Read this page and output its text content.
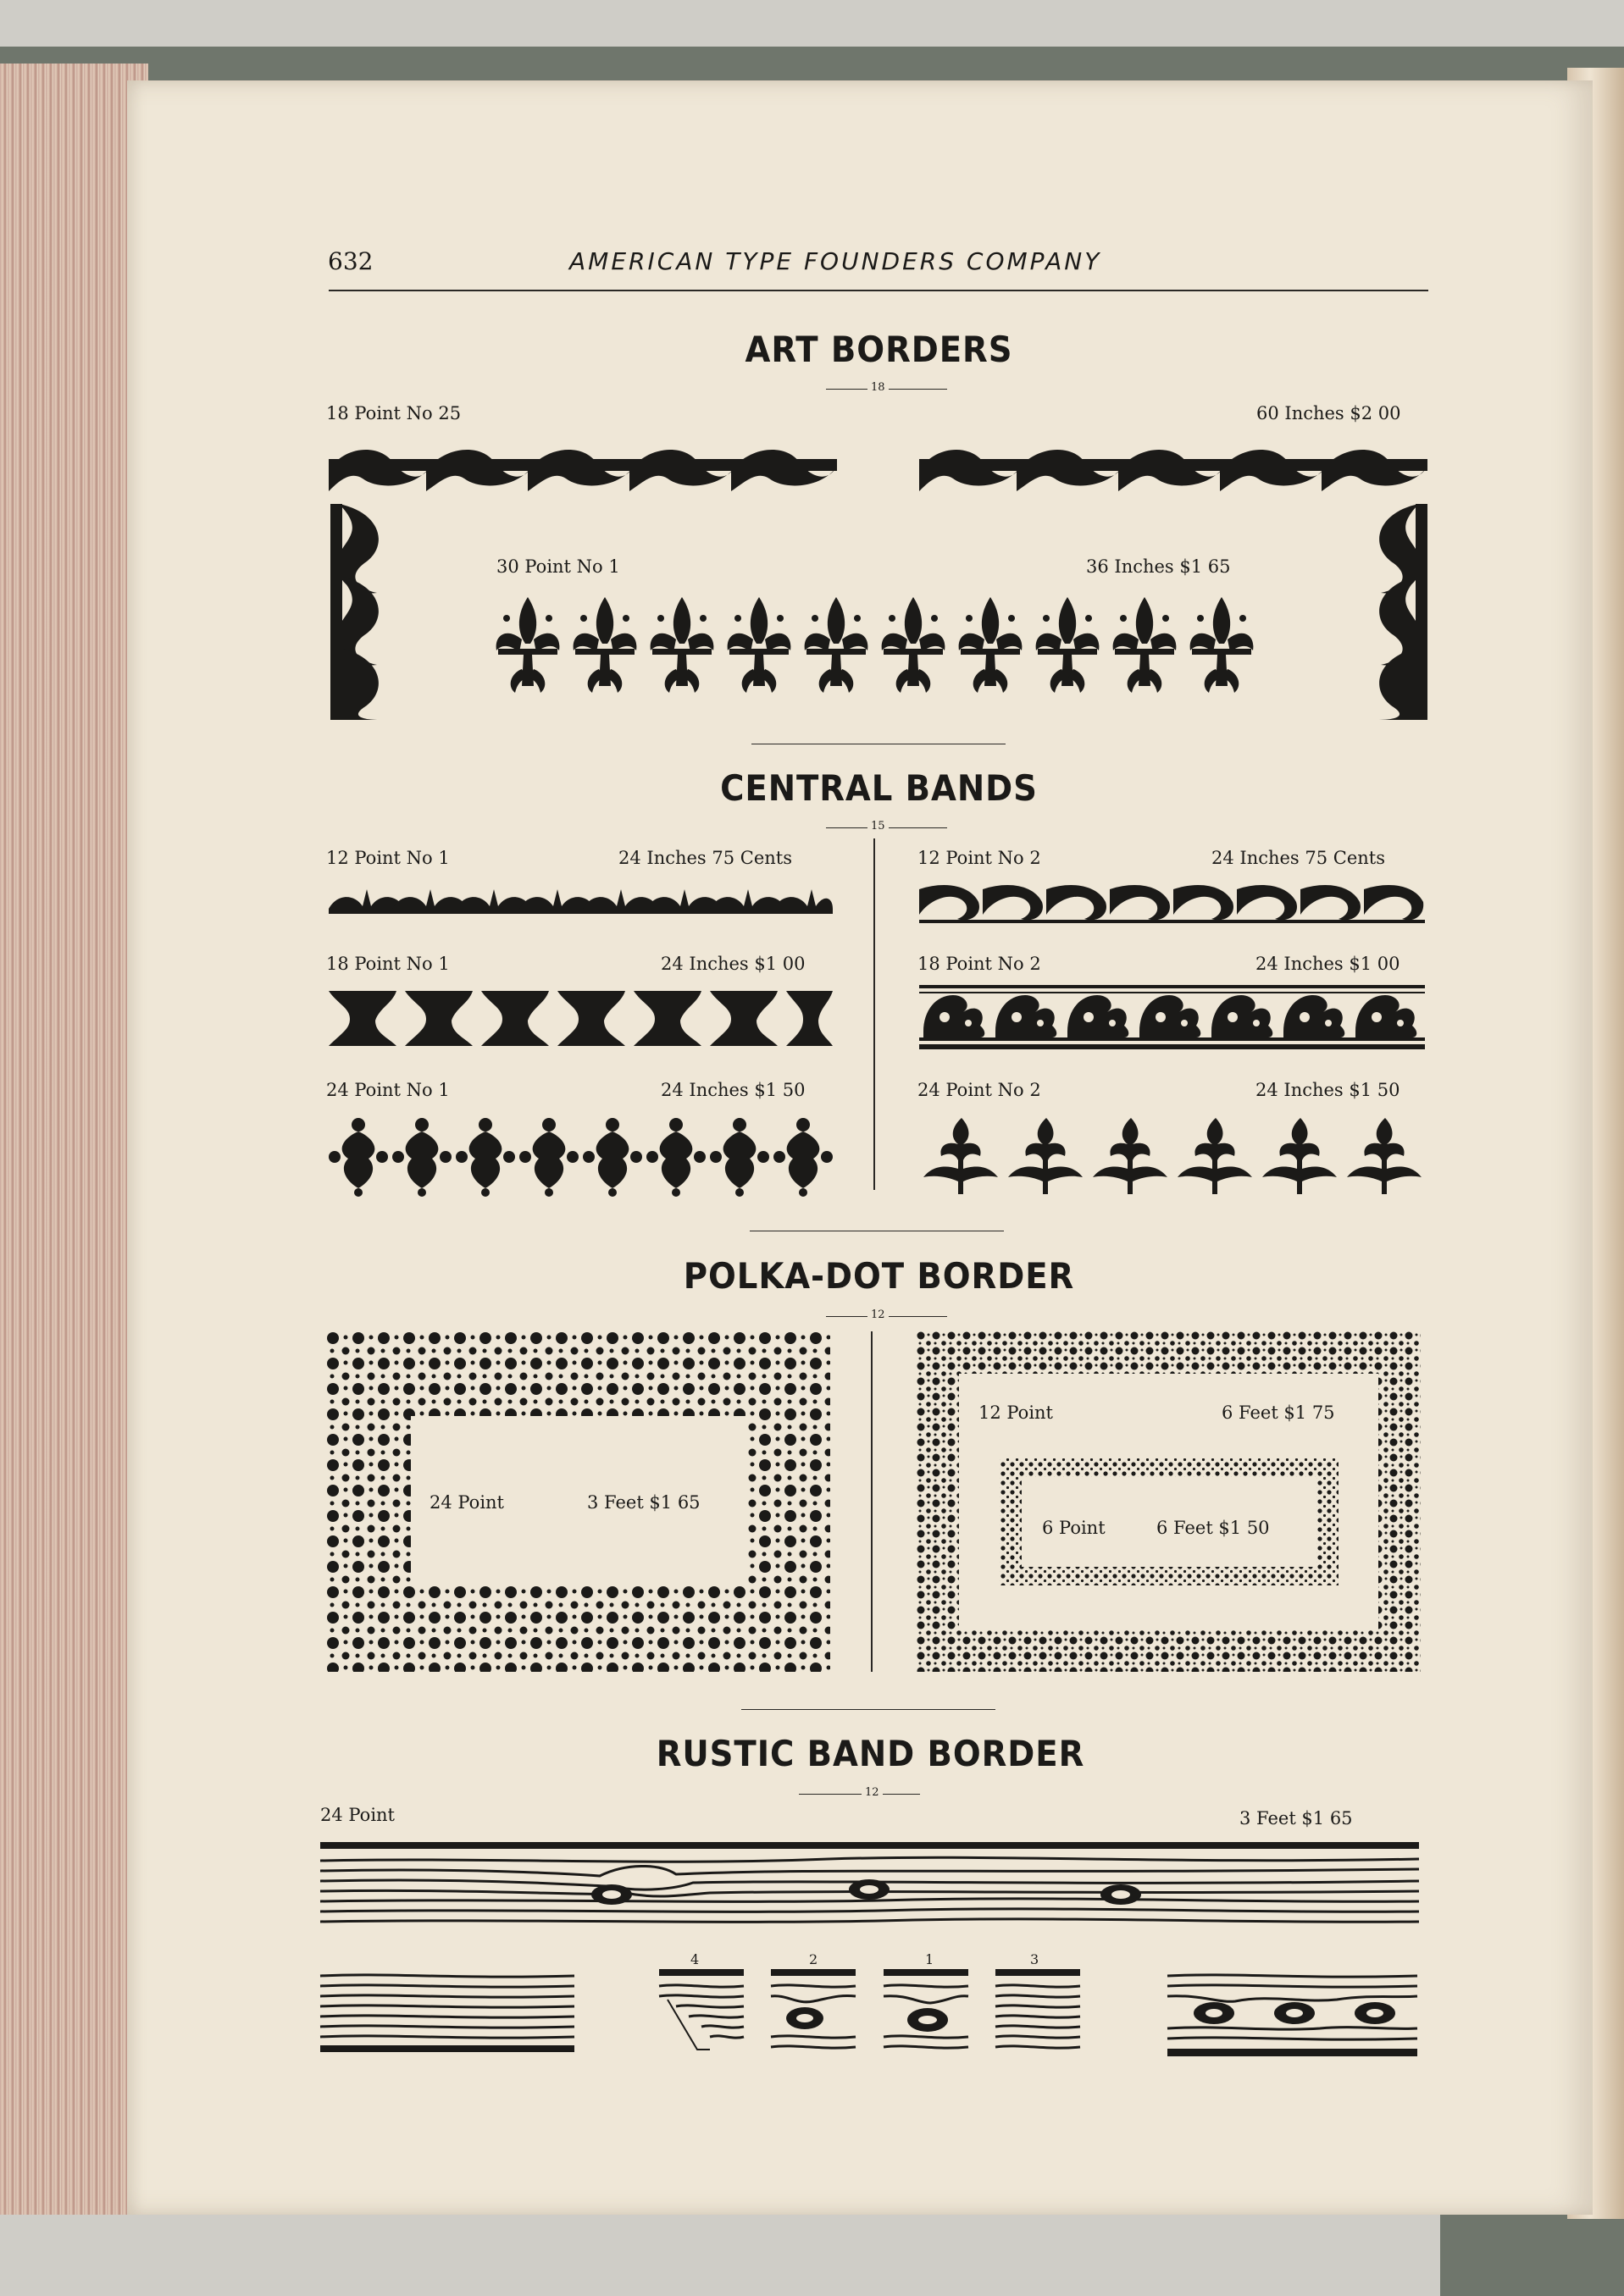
632	AMERICAN TYPE FOUNDERS COMPANY
ART BORDERS
18
18 Point No 25	60 Inches $2 00
30 Point No 1	36 Inches $1 65
CENTRAL BANDS
15
12 Point No 1	24 Inches 75 Cents
18 Point No 1	24 Inches $1 00
24 Point No 1	24 Inches $1 50
12 Point No 2	24 Inches 75 Cents
18 Point No 2	24 Inches $1 00
24 Point No 2	24 Inches $1 50
POLKA-DOT BORDER
12
24 Point	3 Feet $1 65
12 Point	6 Feet $1 75
6 Point	6 Feet $1 50
RUSTIC BAND BORDER
12
24 Point	3 Feet $1 65
4	2	1	3
